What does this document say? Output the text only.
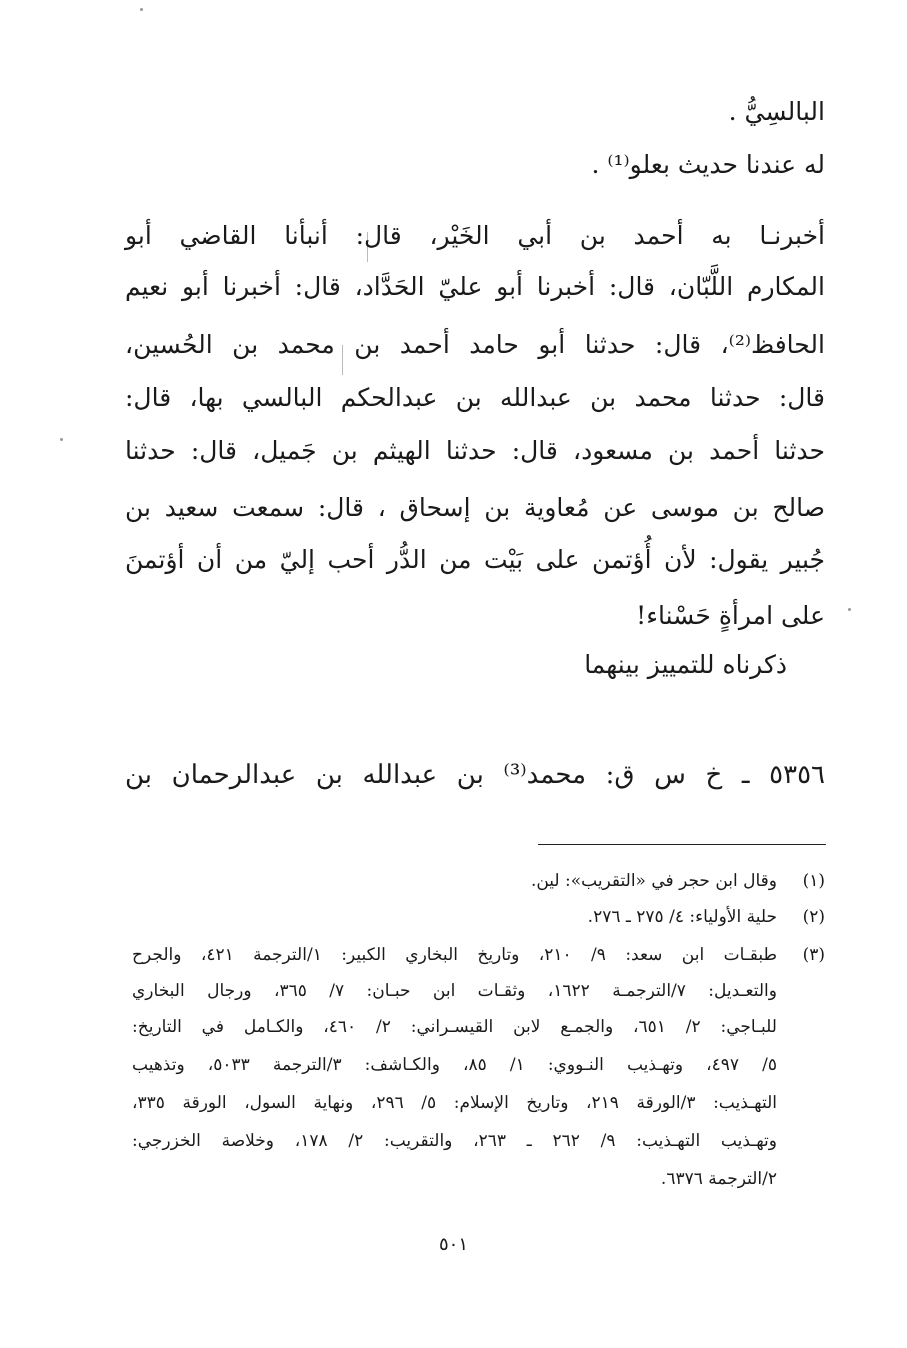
البالسِيُّ .
له عندنا حديث بعلو⁽¹⁾ .
أخبرنـا به أحمد بن أبي الخَيْر، قال: أنبأنا القاضي أبو
المكارم اللَّبّان، قال: أخبرنا أبو عليّ الحَدَّاد، قال: أخبرنا أبو نعيم
الحافظ⁽²⁾، قال: حدثنا أبو حامد أحمد بن محمد بن الحُسين،
قال: حدثنا محمد بن عبدالله بن عبدالحكم البالسي بها، قال:
حدثنا أحمد بن مسعود، قال: حدثنا الهيثم بن جَميل، قال: حدثنا
صالح بن موسى عن مُعاوية بن إسحاق ، قال: سمعت سعيد بن
جُبير يقول: لأن أُؤتمن على بَيْت من الدُّر أحب إليّ من أن أؤتمنَ
على امرأةٍ حَسْناء!
ذكرناه للتمييز بينهما
٥٣٥٦ ـ خ س ق: محمد⁽³⁾ بن عبدالله بن عبدالرحمان بن
(١)
وقال ابن حجر في «التقريب»: لين.
(٢)
حلية الأولياء: ٤/ ٢٧٥ ـ ٢٧٦.
(٣)
طبقـات ابن سعد: ٩/ ٢١٠، وتاريخ البخاري الكبير: ١/الترجمة ٤٢١، والجرح
والتعـديل: ٧/الترجمـة ١٦٢٢، وثقـات ابن حبـان: ٧/ ٣٦٥، ورجال البخاري
للبـاجي: ٢/ ٦٥١، والجمـع لابن القيسـراني: ٢/ ٤٦٠، والكـامل في التاريخ:
٥/ ٤٩٧، وتهـذيب النـووي: ١/ ٨٥، والكـاشف: ٣/الترجمة ٥٠٣٣، وتذهيب
التهـذيب: ٣/الورقة ٢١٩، وتاريخ الإسلام: ٥/ ٢٩٦، ونهاية السول، الورقة ٣٣٥،
وتهـذيب التهـذيب: ٩/ ٢٦٢ ـ ٢٦٣، والتقريب: ٢/ ١٧٨، وخلاصة الخزرجي:
٢/الترجمة ٦٣٧٦.
٥٠١
